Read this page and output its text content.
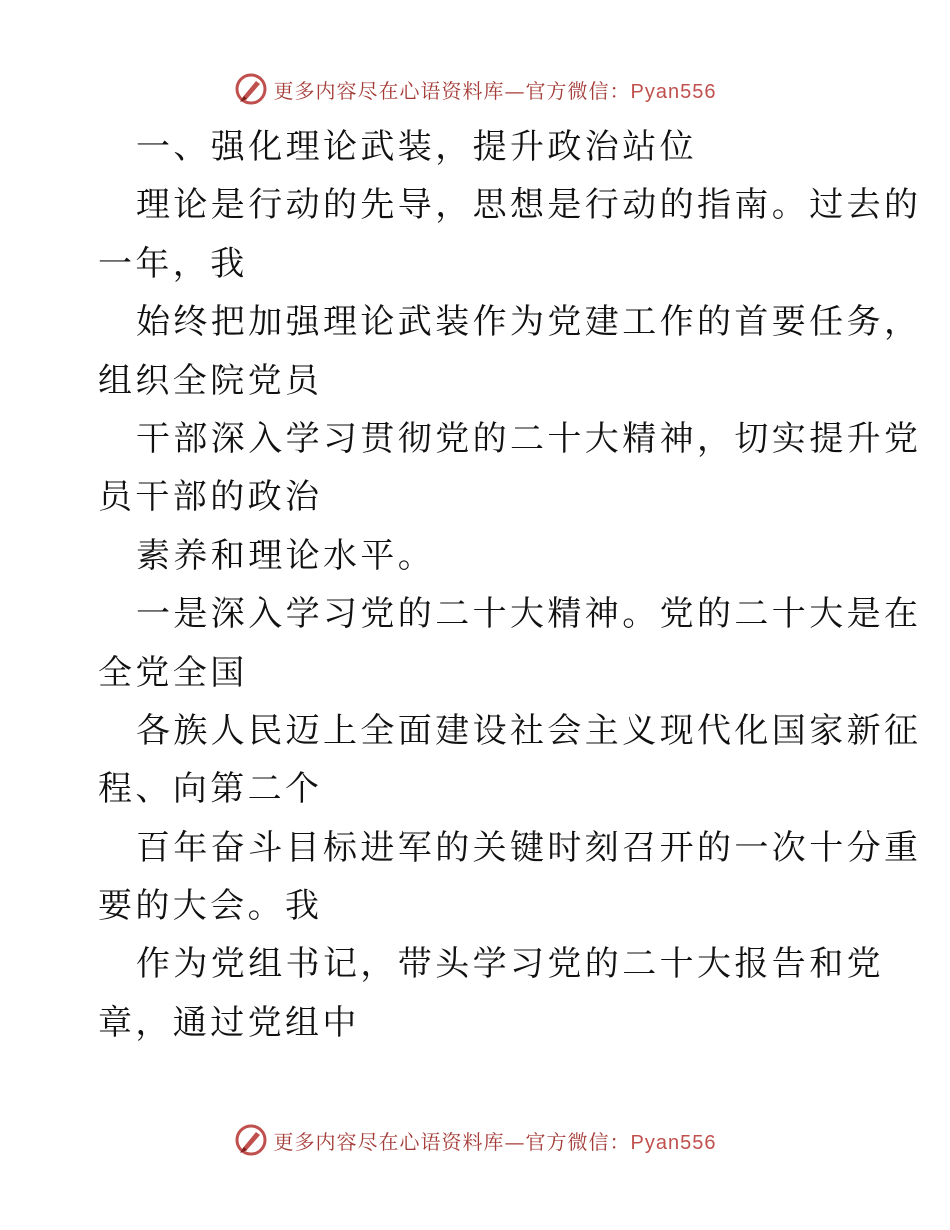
更多内容尽在心语资料库—官方微信：Pyan556
一、强化理论武装，提升政治站位
理论是行动的先导，思想是行动的指南。过去的
一年，我
始终把加强理论武装作为党建工作的首要任务，
组织全院党员
干部深入学习贯彻党的二十大精神，切实提升党
员干部的政治
素养和理论水平。
一是深入学习党的二十大精神。党的二十大是在
全党全国
各族人民迈上全面建设社会主义现代化国家新征
程、向第二个
百年奋斗目标进军的关键时刻召开的一次十分重
要的大会。我
作为党组书记，带头学习党的二十大报告和党
章，通过党组中
更多内容尽在心语资料库—官方微信：Pyan556
